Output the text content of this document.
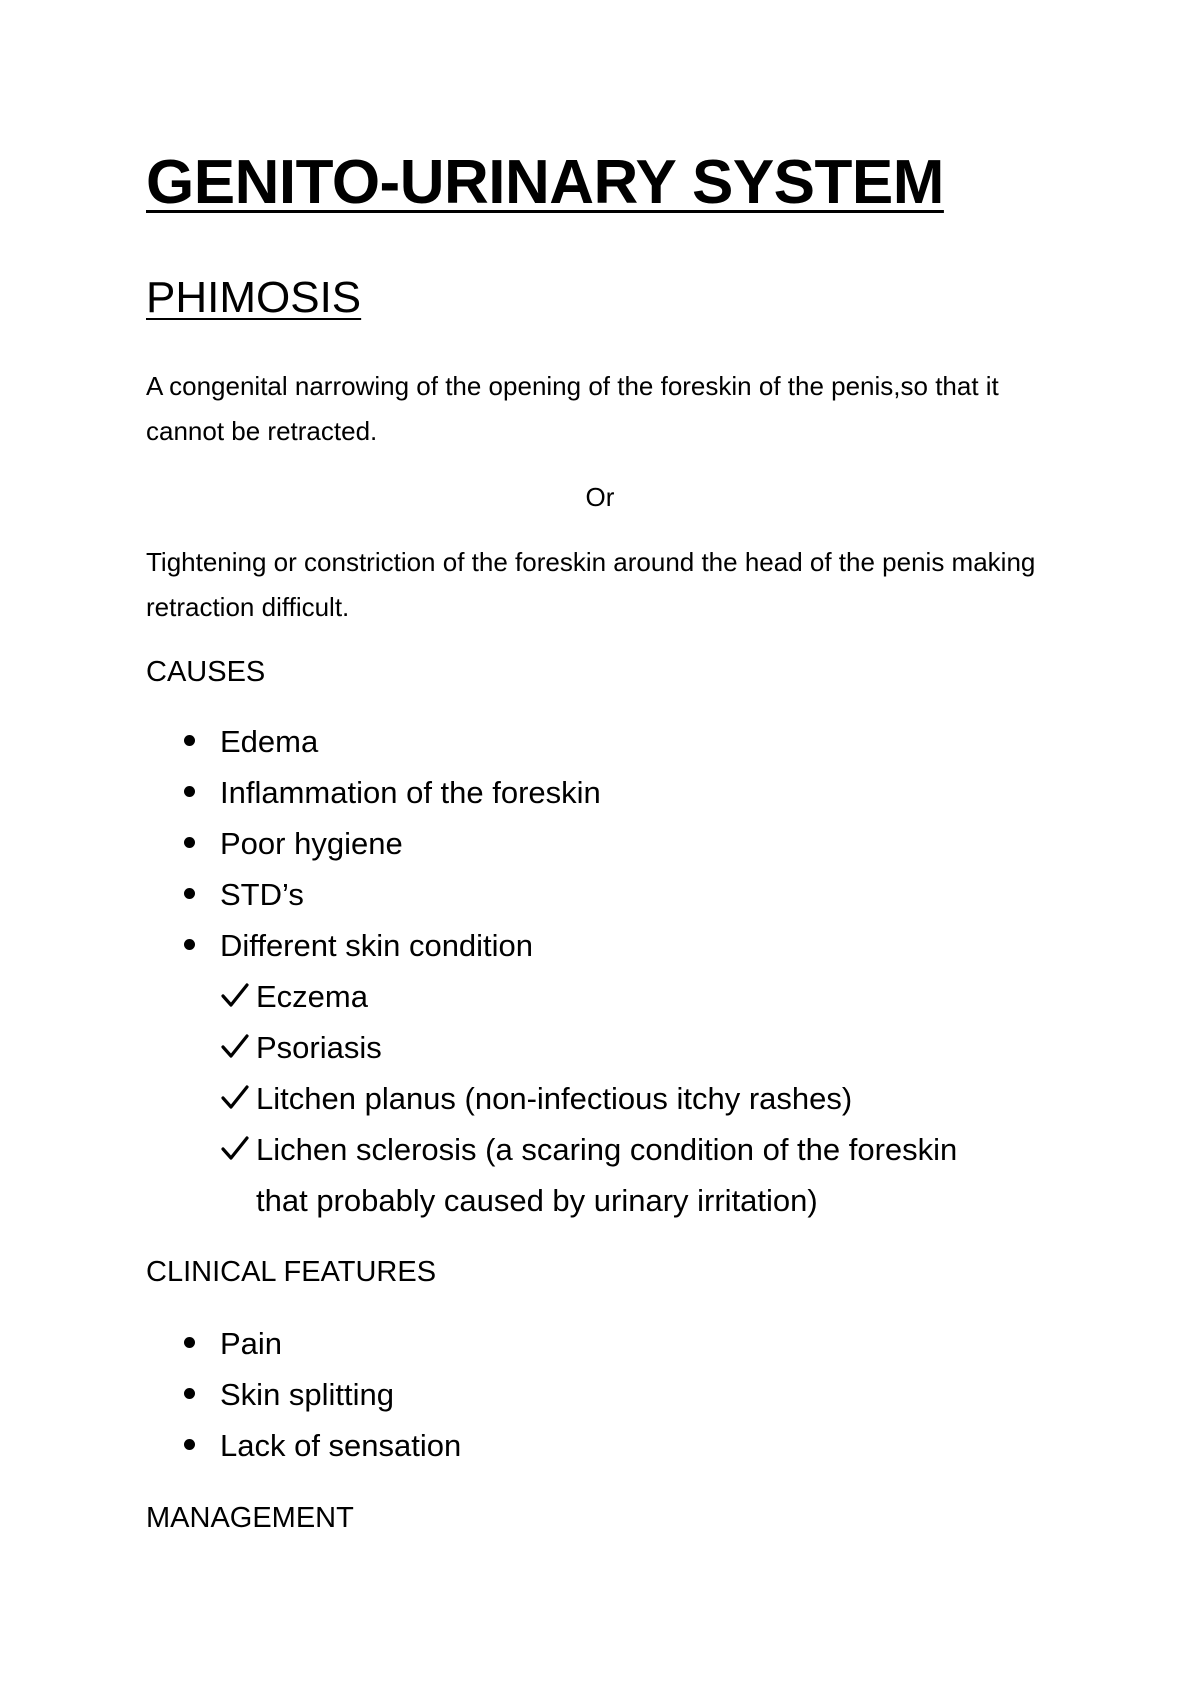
GENITO-URINARY SYSTEM
PHIMOSIS
A congenital narrowing of the opening of the foreskin of the penis,so that it cannot be retracted.
Or
Tightening or constriction of the foreskin around the head of the penis making retraction difficult.
CAUSES
Edema
Inflammation of the foreskin
Poor hygiene
STD’s
Different skin condition
Eczema
Psoriasis
Litchen planus (non-infectious itchy rashes)
Lichen sclerosis (a scaring condition of the foreskin
that probably caused by urinary irritation)
CLINICAL FEATURES
Pain
Skin splitting
Lack of sensation
MANAGEMENT
